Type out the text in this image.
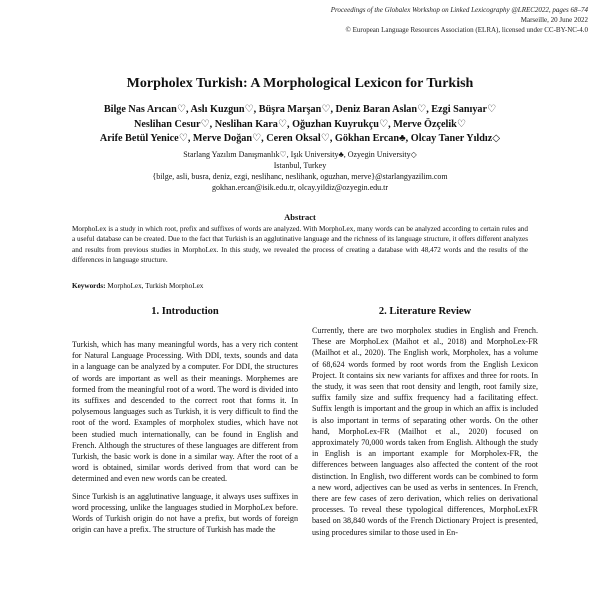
Proceedings of the Globalex Workshop on Linked Lexicography @LREC2022, pages 68–74
Marseille, 20 June 2022
© European Language Resources Association (ELRA), licensed under CC-BY-NC-4.0
Morpholex Turkish: A Morphological Lexicon for Turkish
Bilge Nas Arıcan♡, Aslı Kuzgun♡, Büşra Marşan♡, Deniz Baran Aslan♡, Ezgi Sanıyar♡
Neslihan Cesur♡, Neslihan Kara♡, Oğuzhan Kuyrukçu♡, Merve Özçelik♡
Arife Betül Yenice♡, Merve Doğan♡, Ceren Oksal♡, Gökhan Ercan♣, Olcay Taner Yıldız◇
Starlang Yazılım Danışmanlık♡, Işık University♣, Ozyegin University◇
Istanbul, Turkey
{bilge, asli, busra, deniz, ezgi, neslihanc, neslihank, oguzhan, merve}@starlangyazilim.com
gokhan.ercan@isik.edu.tr, olcay.yildiz@ozyegin.edu.tr
Abstract
MorphoLex is a study in which root, prefix and suffixes of words are analyzed. With MorphoLex, many words can be analyzed according to certain rules and a useful database can be created. Due to the fact that Turkish is an agglutinative language and the richness of its language structure, it offers different analyzes and results from previous studies in MorphoLex. In this study, we revealed the process of creating a database with 48,472 words and the results of the differences in language structure.
Keywords: MorphoLex, Turkish MorphoLex
1. Introduction	2. Literature Review

Turkish, which has many meaningful words, has a very rich content for Natural Language Processing. With DDI, texts, sounds and data in a language can be analyzed by a computer. For DDI, the structures of words are important as well as their meanings. Morphemes are formed from the meaningful root of a word. The word is divided into its suffixes and descended to the correct root that forms it. In polysemous languages such as Turkish, it is very difficult to find the root of the word. Examples of morpholex studies, which have not been studied much internationally, can be found in English and French. Although the structures of these languages are different from Turkish, the basic work is done in a similar way. After the root of a word is obtained, similar words derived from that word can be determined and even new words can be created.

Since Turkish is an agglutinative language, it always uses suffixes in word processing, unlike the languages studied in MorphoLex before. Words of Turkish origin do not have a prefix, but words of foreign origin can have a prefix. The structure of Turkish has made the

Currently, there are two morpholex studies in English and French. These are MorphoLex (Maihot et al., 2018) and MorphoLex-FR (Mailhot et al., 2020). The English work, Morpholex, has a volume of 68,624 words formed by root words from the English Lexicon Project. It contains six new variants for affixes and three for roots. In the study, it was seen that root density and length, root family size, suffix family size and suffix frequency had a facilitating effect. Suffix length is important and the group in which an affix is included is also important in terms of separating other words. On the other hand, MorphoLex-FR (Mailhot et al., 2020) focused on approximately 70,000 words taken from English. Although the study in English is an important example for Morpholex-FR, the differences between languages also affected the content of the root distinction. In English, two different words can be combined to form a new word, adjectives can be used as verbs in sentences. In French, there are few cases of zero derivation, which relies on derivational processes. To reveal these typological differences, MorphoLexFR based on 38,840 words of the French Dictionary Project is presented, using procedures similar to those used in En-
